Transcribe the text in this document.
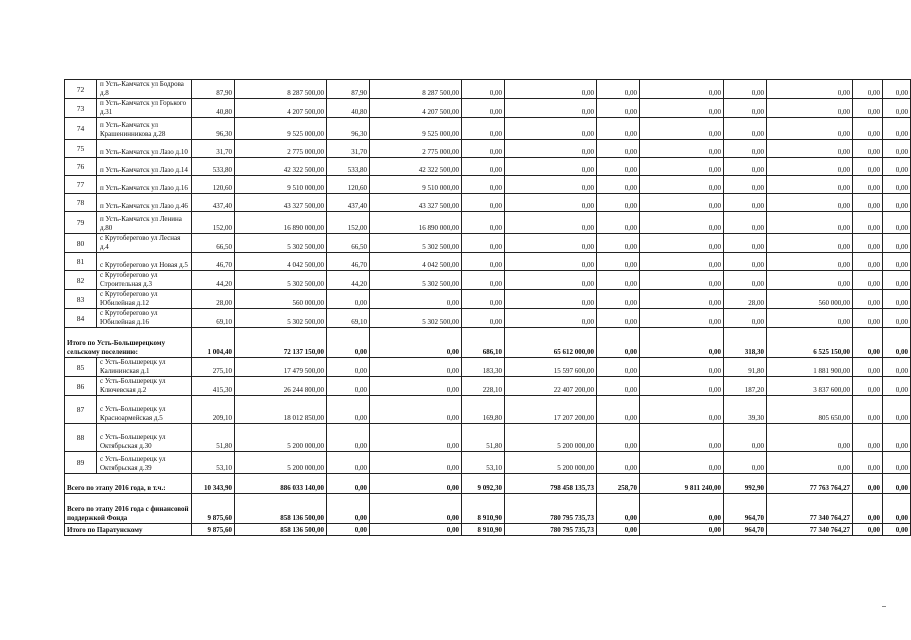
72	п Усть-Камчатск ул Бодрова д.8	87,90	8 287 500,00	87,90	8 287 500,00	0,00	0,00	0,00	0,00	0,00	0,00	0,00	0,00
73	п Усть-Камчатск ул Горького д.31	40,80	4 207 500,00	40,80	4 207 500,00	0,00	0,00	0,00	0,00	0,00	0,00	0,00	0,00
74	п Усть-Камчатск ул Крашенинникова д.28	96,30	9 525 000,00	96,30	9 525 000,00	0,00	0,00	0,00	0,00	0,00	0,00	0,00	0,00
75	п Усть-Камчатск ул Лазо д.10	31,70	2 775 000,00	31,70	2 775 000,00	0,00	0,00	0,00	0,00	0,00	0,00	0,00	0,00
76	п Усть-Камчатск ул Лазо д.14	533,80	42 322 500,00	533,80	42 322 500,00	0,00	0,00	0,00	0,00	0,00	0,00	0,00	0,00
77	п Усть-Камчатск ул Лазо д.16	120,60	9 510 000,00	120,60	9 510 000,00	0,00	0,00	0,00	0,00	0,00	0,00	0,00	0,00
78	п Усть-Камчатск ул Лазо д.46	437,40	43 327 500,00	437,40	43 327 500,00	0,00	0,00	0,00	0,00	0,00	0,00	0,00	0,00
79	п Усть-Камчатск ул Ленина д.80	152,00	16 890 000,00	152,00	16 890 000,00	0,00	0,00	0,00	0,00	0,00	0,00	0,00	0,00
80	с Крутоберегово ул Лесная д.4	66,50	5 302 500,00	66,50	5 302 500,00	0,00	0,00	0,00	0,00	0,00	0,00	0,00	0,00
81	с Крутоберегово ул Новая д.5	46,70	4 042 500,00	46,70	4 042 500,00	0,00	0,00	0,00	0,00	0,00	0,00	0,00	0,00
82	с Крутоберегово ул Строительная д.3	44,20	5 302 500,00	44,20	5 302 500,00	0,00	0,00	0,00	0,00	0,00	0,00	0,00	0,00
83	с Крутоберегово ул Юбилейная д.12	28,00	560 000,00	0,00	0,00	0,00	0,00	0,00	0,00	28,00	560 000,00	0,00	0,00
84	с Крутоберегово ул Юбилейная д.16	69,10	5 302 500,00	69,10	5 302 500,00	0,00	0,00	0,00	0,00	0,00	0,00	0,00	0,00
Итого по Усть-Большерецкому сельскому поселению:		1 004,40	72 137 150,00	0,00	0,00	686,10	65 612 000,00	0,00	0,00	318,30	6 525 150,00	0,00	0,00
85	с Усть-Большерецк ул Калининская д.1	275,10	17 479 500,00	0,00	0,00	183,30	15 597 600,00	0,00	0,00	91,80	1 881 900,00	0,00	0,00
86	с Усть-Большерецк ул Ключевская д.2	415,30	26 244 800,00	0,00	0,00	228,10	22 407 200,00	0,00	0,00	187,20	3 837 600,00	0,00	0,00
87	с Усть-Большерецк ул Красноармейская д.5	209,10	18 012 850,00	0,00	0,00	169,80	17 207 200,00	0,00	0,00	39,30	805 650,00	0,00	0,00
88	с Усть-Большерецк ул Октябрьская д.30	51,80	5 200 000,00	0,00	0,00	51,80	5 200 000,00	0,00	0,00	0,00	0,00	0,00	0,00
89	с Усть-Большерецк ул Октябрьская д.39	53,10	5 200 000,00	0,00	0,00	53,10	5 200 000,00	0,00	0,00	0,00	0,00	0,00	0,00
Всего по этапу 2016 года, в т.ч.:		10 343,90	886 033 140,00	0,00	0,00	9 092,30	798 458 135,73	258,70	9 811 240,00	992,90	77 763 764,27	0,00	0,00
Всего по этапу 2016 года с финансовой поддержкой Фонда		9 875,60	858 136 500,00	0,00	0,00	8 910,90	780 795 735,73	0,00	0,00	964,70	77 340 764,27	0,00	0,00
Итого по Паратунскому		9 875,60	858 136 500,00	0,00	0,00	8 910,90	780 795 735,73	0,00	0,00	964,70	77 340 764,27	0,00	0,00
